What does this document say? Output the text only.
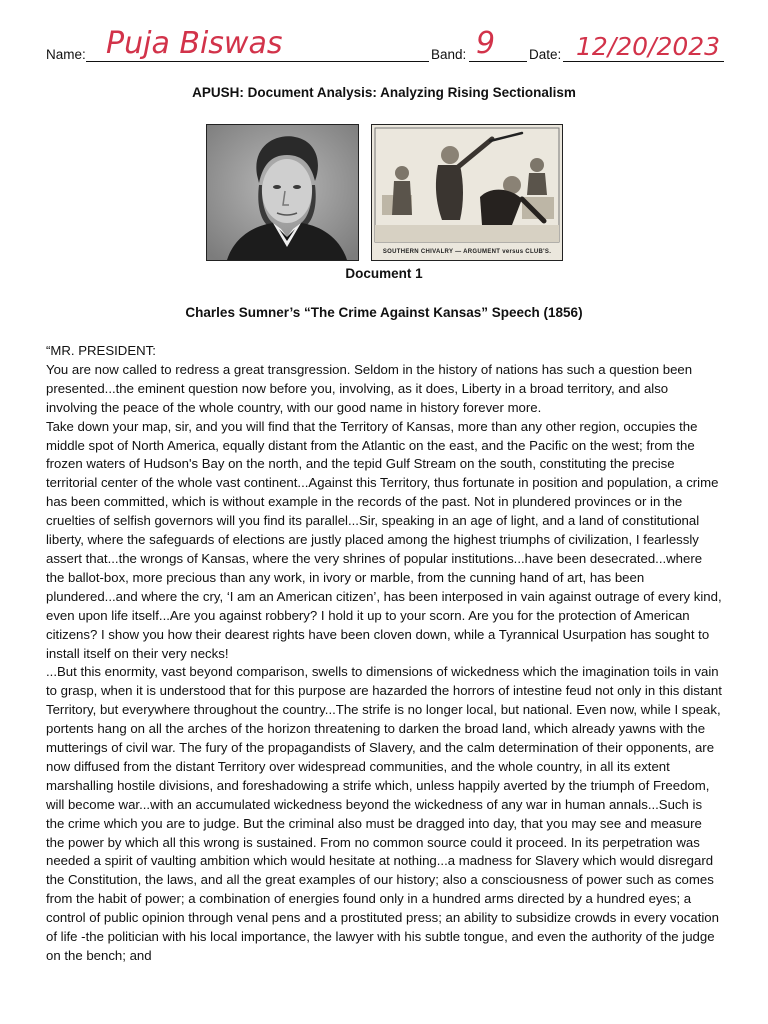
Name: Puja Biswas	Band: 9	Date: 12/20/2023
APUSH: Document Analysis: Analyzing Rising Sectionalism
SOUTHERN CHIVALRY — ARGUMENT versus CLUB'S.
Document 1
Charles Sumner’s “The Crime Against Kansas” Speech (1856)

“MR. PRESIDENT:

You are now called to redress a great transgression. Seldom in the history of nations has such a question been presented...the eminent question now before you, involving, as it does, Liberty in a broad territory, and also involving the peace of the whole country, with our good name in history forever more.

Take down your map, sir, and you will find that the Territory of Kansas, more than any other region, occupies the middle spot of North America, equally distant from the Atlantic on the east, and the Pacific on the west; from the frozen waters of Hudson's Bay on the north, and the tepid Gulf Stream on the south, constituting the precise territorial center of the whole vast continent...Against this Territory, thus fortunate in position and population, a crime has been committed, which is without example in the records of the past. Not in plundered provinces or in the cruelties of selfish governors will you find its parallel...Sir, speaking in an age of light, and a land of constitutional liberty, where the safeguards of elections are justly placed among the highest triumphs of civilization, I fearlessly assert that...the wrongs of Kansas, where the very shrines of popular institutions...have been desecrated...where the ballot-box, more precious than any work, in ivory or marble, from the cunning hand of art, has been plundered...and where the cry, ‘I am an American citizen’, has been interposed in vain against outrage of every kind, even upon life itself...Are you against robbery? I hold it up to your scorn. Are you for the protection of American citizens? I show you how their dearest rights have been cloven down, while a Tyrannical Usurpation has sought to install itself on their very necks!

...But this enormity, vast beyond comparison, swells to dimensions of wickedness which the imagination toils in vain to grasp, when it is understood that for this purpose are hazarded the horrors of intestine feud not only in this distant Territory, but everywhere throughout the country...The strife is no longer local, but national. Even now, while I speak, portents hang on all the arches of the horizon threatening to darken the broad land, which already yawns with the mutterings of civil war. The fury of the propagandists of Slavery, and the calm determination of their opponents, are now diffused from the distant Territory over widespread communities, and the whole country, in all its extent marshalling hostile divisions, and foreshadowing a strife which, unless happily averted by the triumph of Freedom, will become war...with an accumulated wickedness beyond the wickedness of any war in human annals...Such is the crime which you are to judge. But the criminal also must be dragged into day, that you may see and measure the power by which all this wrong is sustained. From no common source could it proceed. In its perpetration was needed a spirit of vaulting ambition which would hesitate at nothing...a madness for Slavery which would disregard the Constitution, the laws, and all the great examples of our history; also a consciousness of power such as comes from the habit of power; a combination of energies found only in a hundred arms directed by a hundred eyes; a control of public opinion through venal pens and a prostituted press; an ability to subsidize crowds in every vocation of life -the politician with his local importance, the lawyer with his subtle tongue, and even the authority of the judge on the bench; and
